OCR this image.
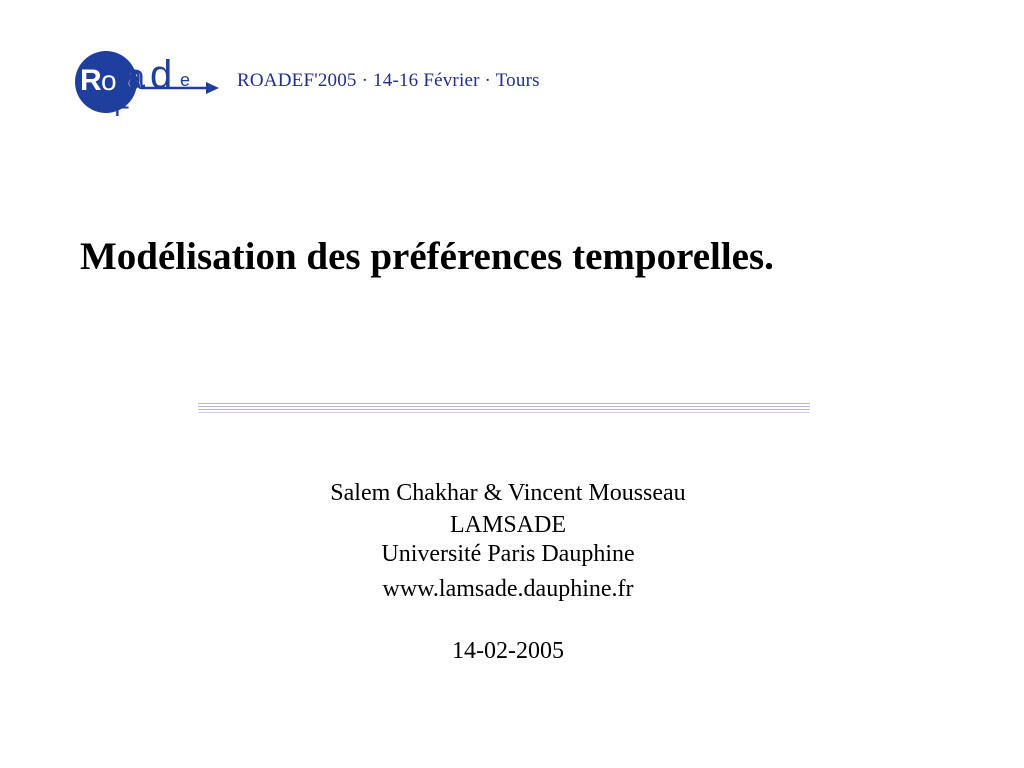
R o a d e
F
ROADEF'2005 · 14-16 Février · Tours
Modélisation des préférences temporelles.
Salem Chakhar & Vincent Mousseau
LAMSADE
Université Paris Dauphine
www.lamsade.dauphine.fr
14-02-2005
